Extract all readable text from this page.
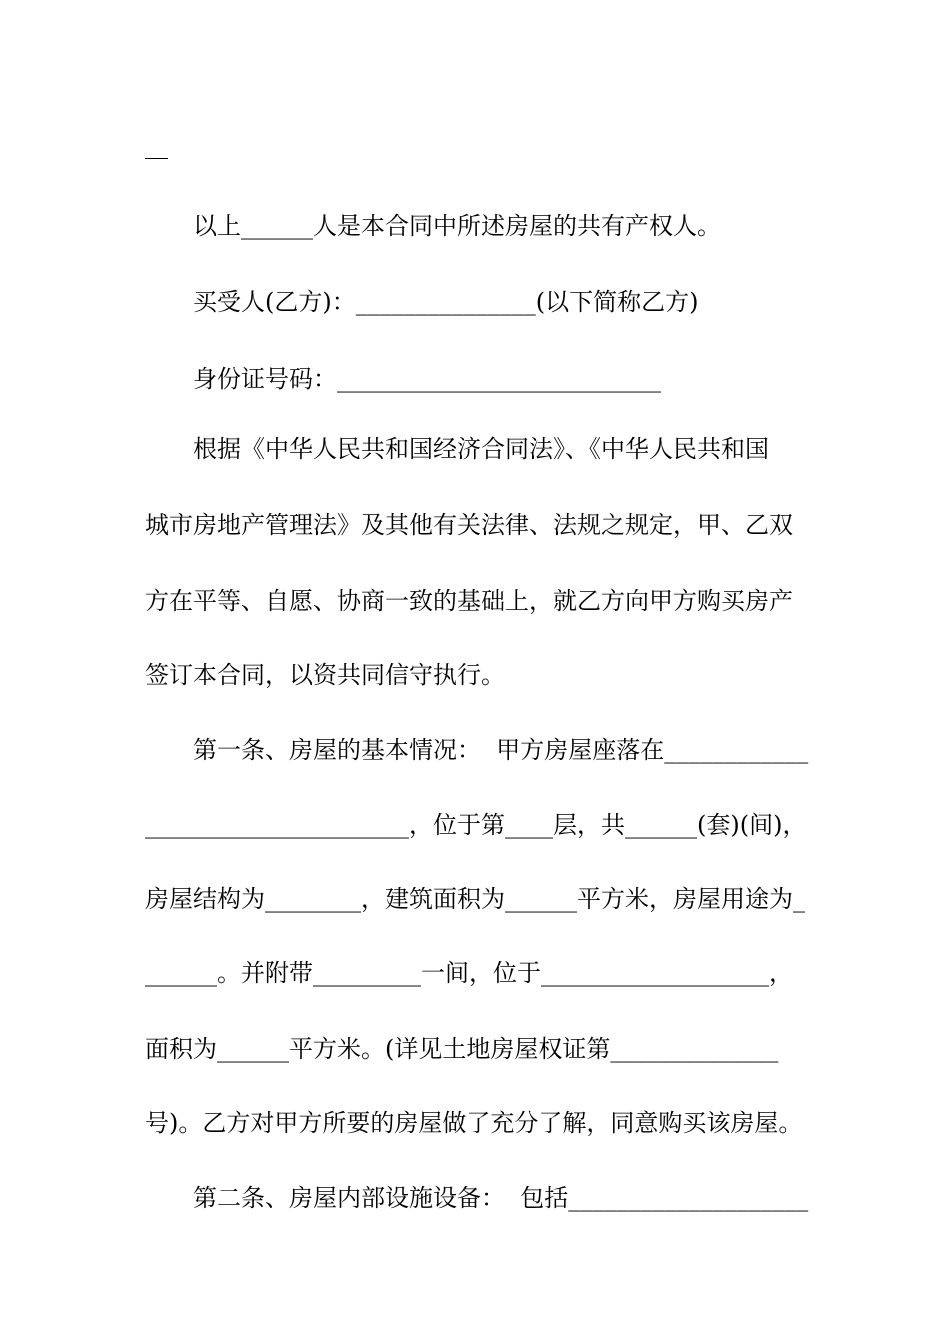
以上______人是本合同中所述房屋的共有产权人。

买受人(乙方)：_______________(以下简称乙方)

身份证号码：___________________________

根据《中华人民共和国经济合同法》、《中华人民共和国

城市房地产管理法》及其他有关法律、法规之规定，甲、乙双

方在平等、自愿、协商一致的基础上，就乙方向甲方购买房产

签订本合同，以资共同信守执行。

第一条、房屋的基本情况：  甲方房屋座落在____________

______________________，位于第____层，共______(套)(间)，

房屋结构为________，建筑面积为______平方米，房屋用途为_

______。并附带_________一间，位于___________________，

面积为______平方米。(详见土地房屋权证第______________

号)。乙方对甲方所要的房屋做了充分了解，同意购买该房屋。

第二条、房屋内部设施设备：  包括____________________
